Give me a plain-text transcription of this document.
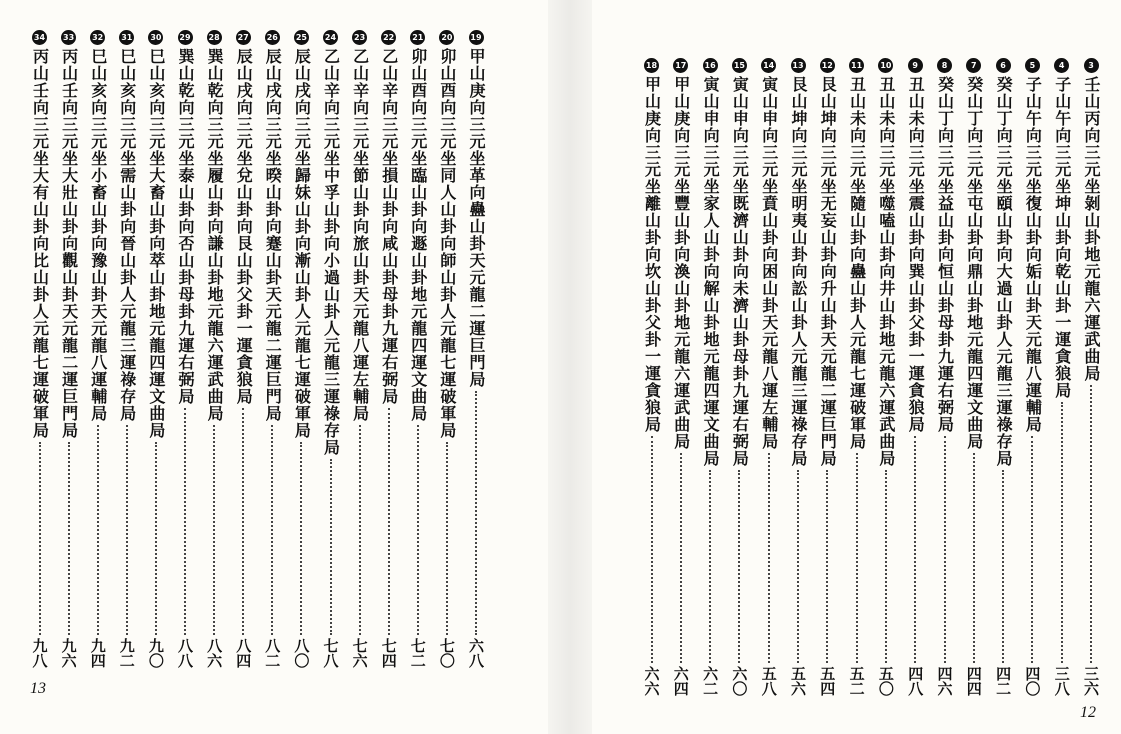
19
甲山庚向三元坐革向蠱山卦天元龍二運巨門局
六八
20
卯山酉向三元坐同人山卦向師山卦人元龍七運破軍局
七〇
21
卯山酉向三元坐臨山卦向遯山卦地元龍四運文曲局
七二
22
乙山辛向三元坐損山卦向咸山卦母卦九運右弼局
七四
23
乙山辛向三元坐節山卦向旅山卦天元龍八運左輔局
七六
24
乙山辛向三元坐中孚山卦向小過山卦人元龍三運祿存局
七八
25
辰山戌向三元坐歸妹山卦向漸山卦人元龍七運破軍局
八〇
26
辰山戌向三元坐暌山卦向蹇山卦天元龍二運巨門局
八二
27
辰山戌向三元坐兌山卦向艮山卦父卦一運貪狼局
八四
28
巽山乾向三元坐履山卦向謙山卦地元龍六運武曲局
八六
29
巽山乾向三元坐泰山卦向否山卦母卦九運右弼局
八八
30
巳山亥向三元坐大畜山卦向萃山卦地元龍四運文曲局
九〇
31
巳山亥向三元坐需山卦向晉山卦人元龍三運祿存局
九二
32
巳山亥向三元坐小畜山卦向豫山卦天元龍八運輔局
九四
33
丙山壬向三元坐大壯山卦向觀山卦天元龍二運巨門局
九六
34
丙山壬向三元坐大有山卦向比山卦人元龍七運破軍局
九八
13
3
壬山丙向三元坐剝山卦地元龍六運武曲局
三六
4
子山午向三元坐坤山卦向乾山卦一運貪狼局
三八
5
子山午向三元坐復山卦向姤山卦天元龍八運輔局
四〇
6
癸山丁向三元坐頤山卦向大過山卦人元龍三運祿存局
四二
7
癸山丁向三元坐屯山卦向鼎山卦地元龍四運文曲局
四四
8
癸山丁向三元坐益山卦向恒山卦母卦九運右弼局
四六
9
丑山未向三元坐震山卦向巽山卦父卦一運貪狼局
四八
10
丑山未向三元坐噬嗑山卦向井山卦地元龍六運武曲局
五〇
11
丑山未向三元坐隨山卦向蠱山卦人元龍七運破軍局
五二
12
艮山坤向三元坐无妄山卦向升山卦天元龍二運巨門局
五四
13
艮山坤向三元坐明夷山卦向訟山卦人元龍三運祿存局
五六
14
寅山申向三元坐賁山卦向困山卦天元龍八運左輔局
五八
15
寅山申向三元坐既濟山卦向未濟山卦母卦九運右弼局
六〇
16
寅山申向三元坐家人山卦向解山卦地元龍四運文曲局
六二
17
甲山庚向三元坐豐山卦向渙山卦地元龍六運武曲局
六四
18
甲山庚向三元坐離山卦向坎山卦父卦一運貪狼局
六六
12
